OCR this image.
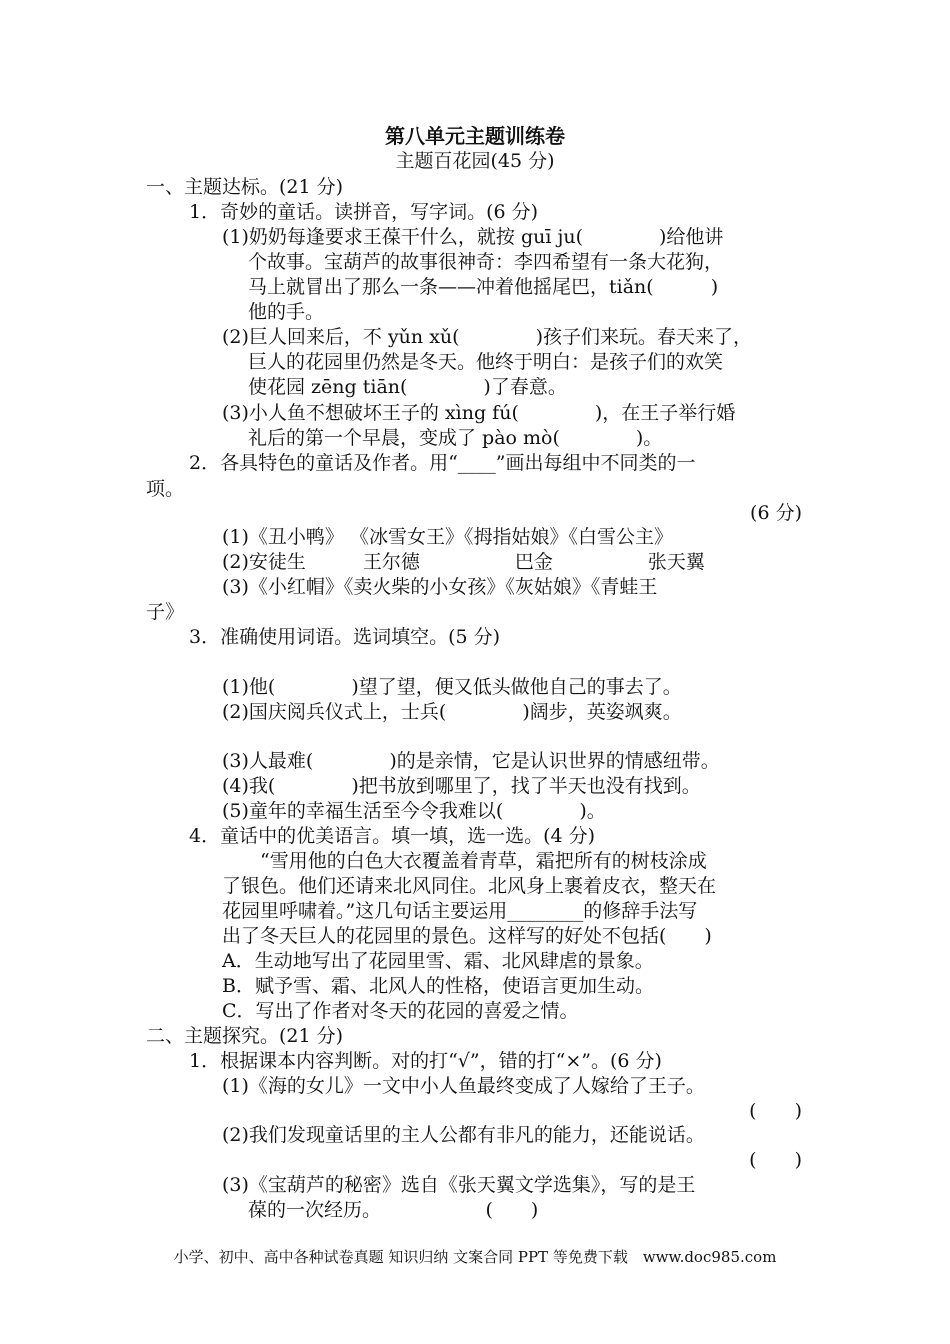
第八单元主题训练卷
主题百花园(45 分)
一、主题达标。(21 分)
1．奇妙的童话。读拼音，写字词。(6 分)
(1)奶奶每逢要求王葆干什么，就按 guī ju(　　　　)给他讲
个故事。宝葫芦的故事很神奇：李四希望有一条大花狗，
马上就冒出了那么一条——冲着他摇尾巴，tiǎn(　　　)
他的手。
(2)巨人回来后，不 yǔn xǔ(　　　　)孩子们来玩。春天来了，
巨人的花园里仍然是冬天。他终于明白：是孩子们的欢笑
使花园 zēng tiān(　　　　)了春意。
(3)小人鱼不想破坏王子的 xìng fú(　　　　)，在王子举行婚
礼后的第一个早晨，变成了 pào mò(　　　　)。
2．各具特色的童话及作者。用“____”画出每组中不同类的一
项。
(6 分)
(1)《丑小鸭》 《冰雪女王》《拇指姑娘》《白雪公主》
(2)安徒生　　　王尔德　　　　　巴金　　　　　张天翼
(3)《小红帽》《卖火柴的小女孩》《灰姑娘》《青蛙王
子》
3．准确使用词语。选词填空。(5 分)
(1)他(　　　　)望了望，便又低头做他自己的事去了。
(2)国庆阅兵仪式上，士兵(　　　　)阔步，英姿飒爽。
(3)人最难(　　　　)的是亲情，它是认识世界的情感纽带。
(4)我(　　　　)把书放到哪里了，找了半天也没有找到。
(5)童年的幸福生活至今令我难以(　　　　)。
4．童话中的优美语言。填一填，选一选。(4 分)
“雪用他的白色大衣覆盖着青草，霜把所有的树枝涂成
了银色。他们还请来北风同住。北风身上裹着皮衣，整天在
花园里呼啸着。”这几句话主要运用________的修辞手法写
出了冬天巨人的花园里的景色。这样写的好处不包括(　　)
A．生动地写出了花园里雪、霜、北风肆虐的景象。
B．赋予雪、霜、北风人的性格，使语言更加生动。
C．写出了作者对冬天的花园的喜爱之情。
二、主题探究。(21 分)
1．根据课本内容判断。对的打“√”，错的打“×”。(6 分)
(1)《海的女儿》一文中小人鱼最终变成了人嫁给了王子。
(　　)
(2)我们发现童话里的主人公都有非凡的能力，还能说话。
(　　)
(3)《宝葫芦的秘密》选自《张天翼文学选集》，写的是王
葆的一次经历。　　　　　　(　　)
小学、初中、高中各种试卷真题 知识归纳 文案合同 PPT 等免费下载　www.doc985.com
